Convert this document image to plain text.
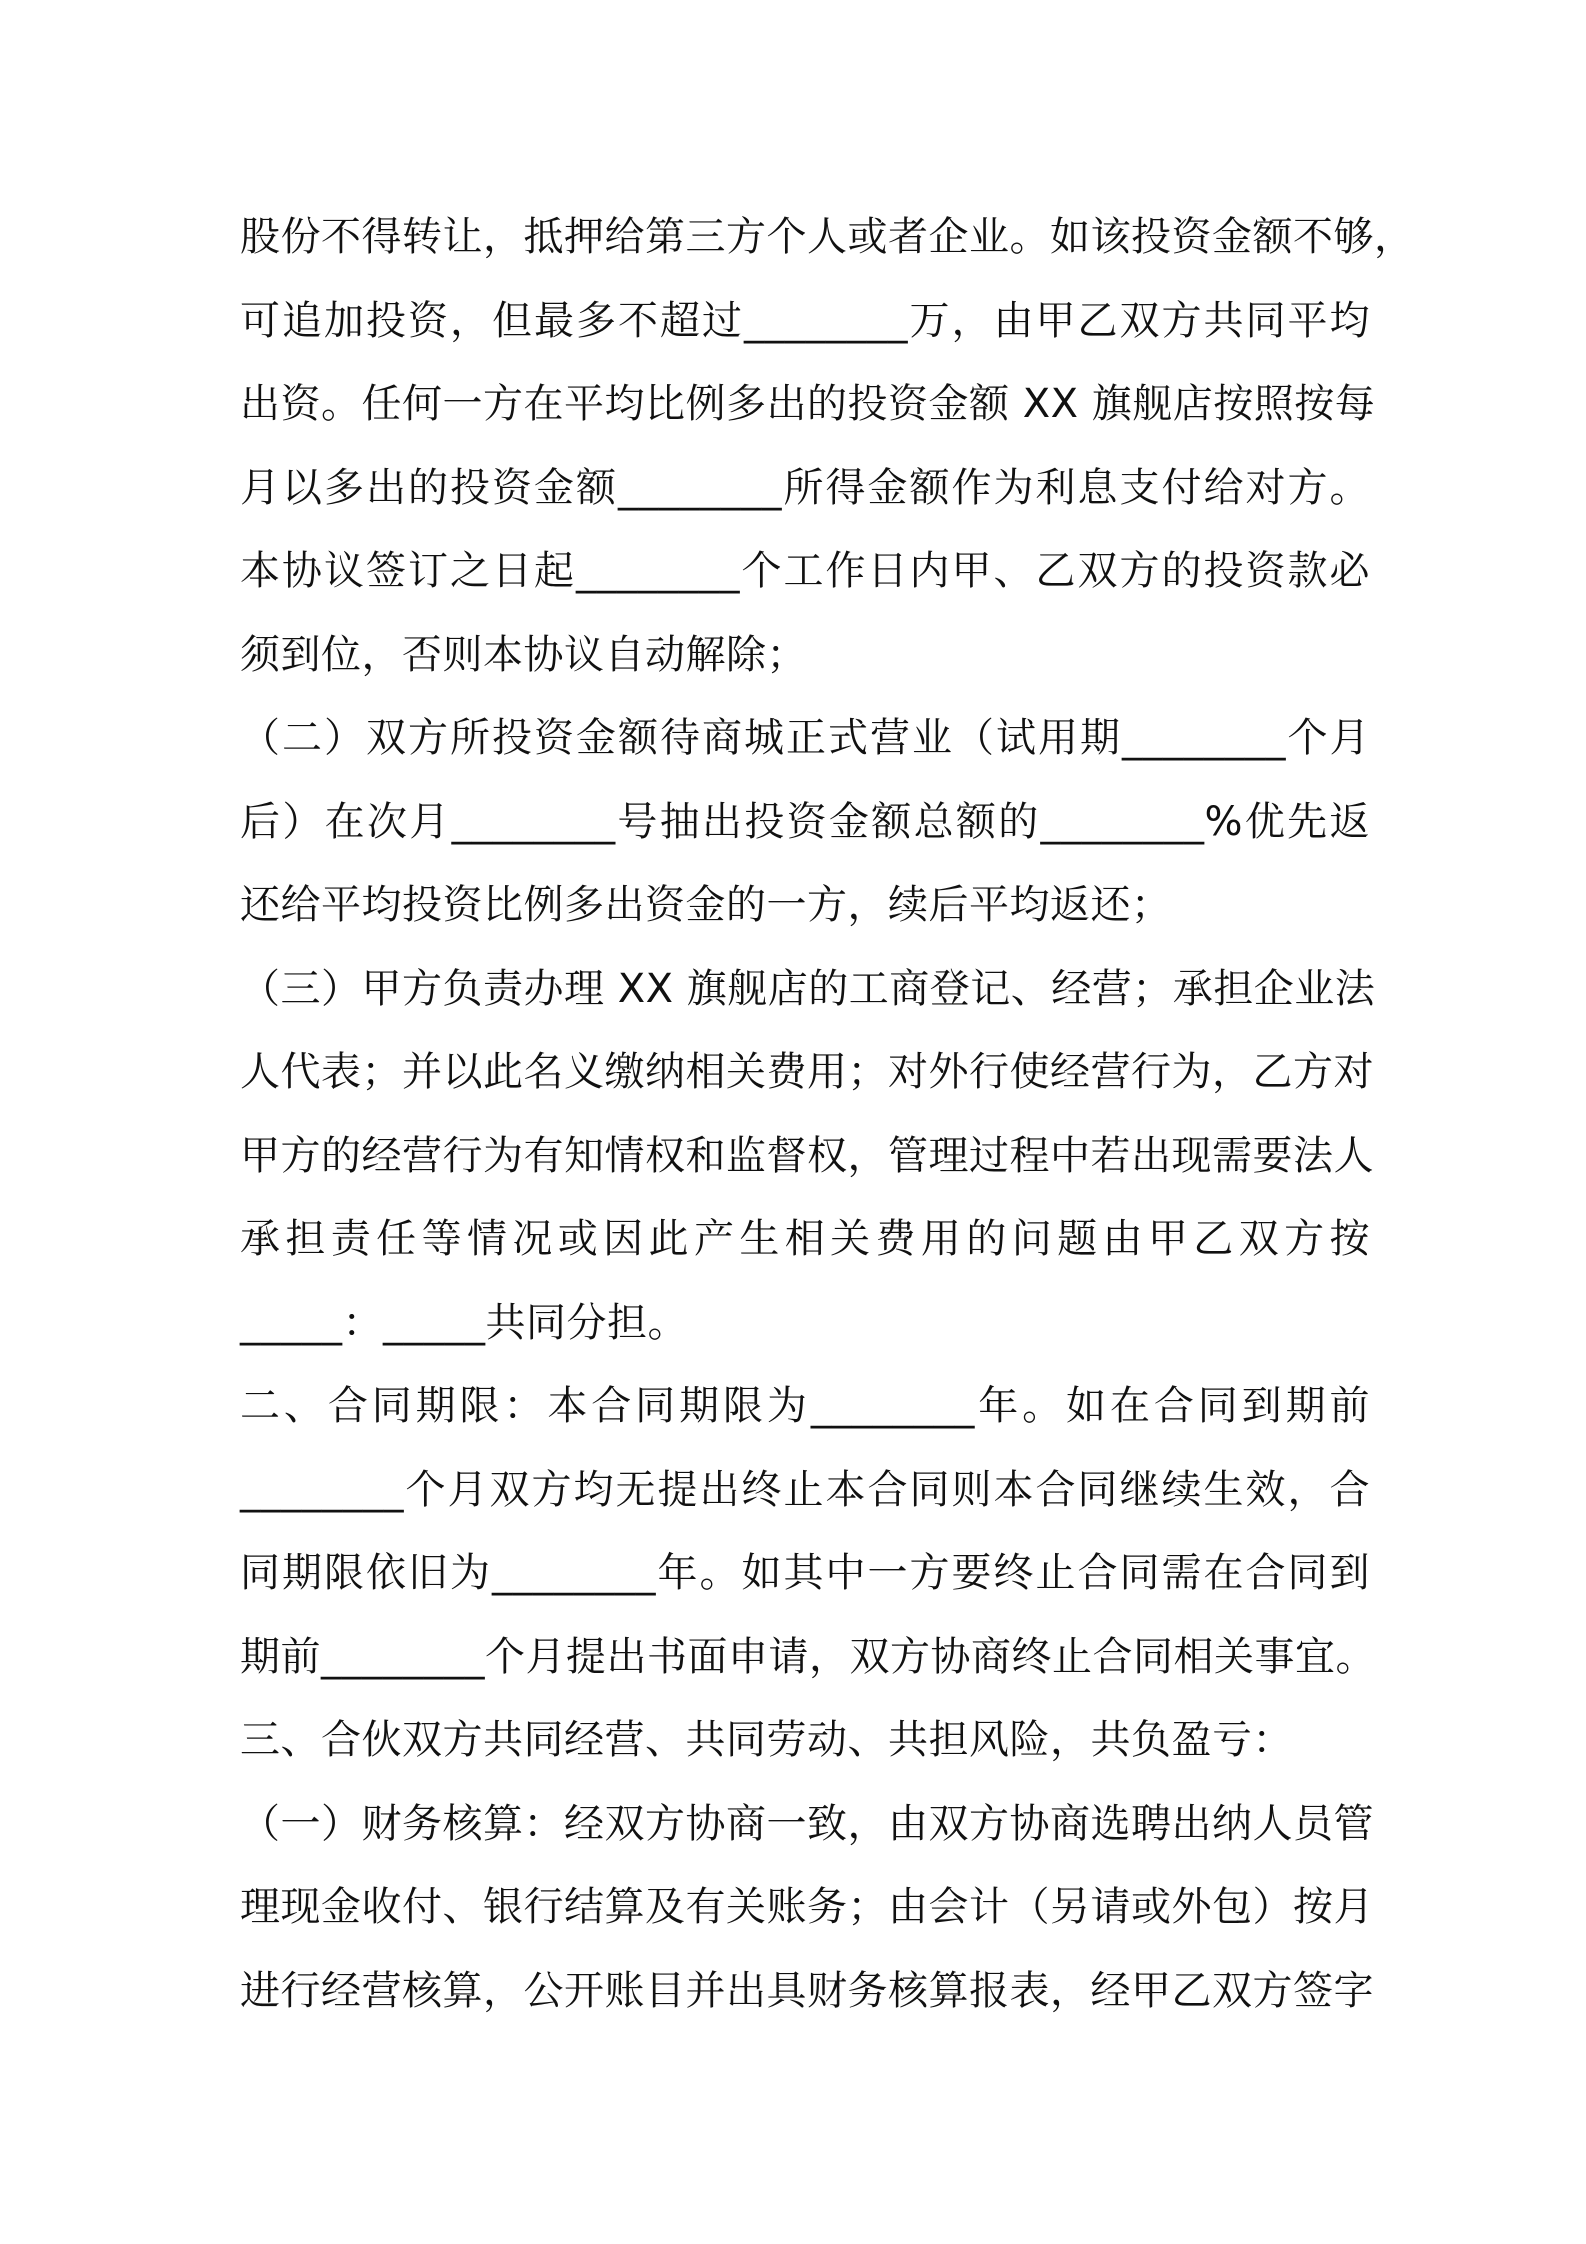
股份不得转让，抵押给第三方个人或者企业。如该投资金额不够，
可追加投资，但最多不超过________万，由甲乙双方共同平均
出资。任何一方在平均比例多出的投资金额 XX 旗舰店按照按每
月以多出的投资金额________所得金额作为利息支付给对方。
本协议签订之日起________个工作日内甲、乙双方的投资款必
须到位，否则本协议自动解除；
（二）双方所投资金额待商城正式营业（试用期________个月
后）在次月________号抽出投资金额总额的________%优先返
还给平均投资比例多出资金的一方，续后平均返还；
（三）甲方负责办理 XX 旗舰店的工商登记、经营；承担企业法
人代表；并以此名义缴纳相关费用；对外行使经营行为，乙方对
甲方的经营行为有知情权和监督权，管理过程中若出现需要法人
承担责任等情况或因此产生相关费用的问题由甲乙双方按
_____：_____共同分担。
二、合同期限：本合同期限为________年。如在合同到期前
________个月双方均无提出终止本合同则本合同继续生效，合
同期限依旧为________年。如其中一方要终止合同需在合同到
期前________个月提出书面申请，双方协商终止合同相关事宜。
三、合伙双方共同经营、共同劳动、共担风险，共负盈亏：
（一）财务核算：经双方协商一致，由双方协商选聘出纳人员管
理现金收付、银行结算及有关账务；由会计（另请或外包）按月
进行经营核算，公开账目并出具财务核算报表，经甲乙双方签字
